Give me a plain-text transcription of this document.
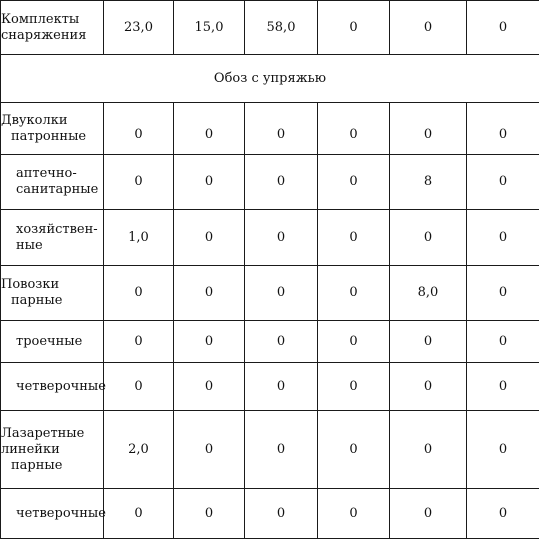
Комплекты
снаряжения	23,0	15,0	58,0	0	0	0
Обоз с упряжью						

Двуколки
патронные	0	0	0	0	0	0

аптечно-
санитарные	0	0	0	0	8	0

хозяйствен-
ные	1,0	0	0	0	0	0

Повозки
парные	0	0	0	0	8,0	0

троечные	0	0	0	0	0	0

четверочные	0	0	0	0	0	0

Лазаретные
линейки
парные	2,0	0	0	0	0	0

четверочные	0	0	0	0	0	0
